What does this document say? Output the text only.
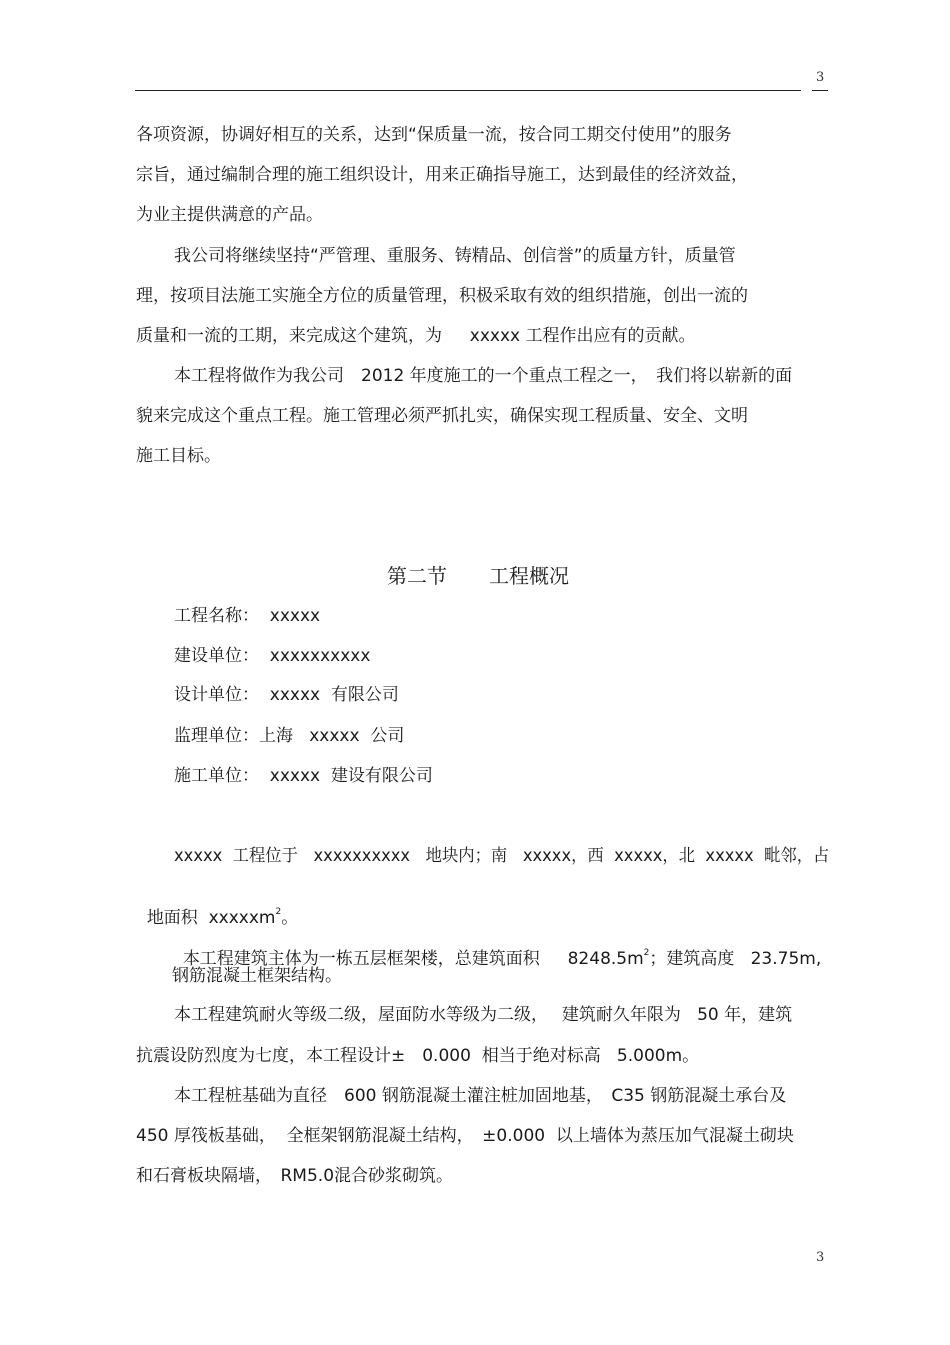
3
各项资源，协调好相互的关系，达到“保质量一流，按合同工期交付使用”的服务
宗旨，通过编制合理的施工组织设计，用来正确指导施工，达到最佳的经济效益，
为业主提供满意的产品。
我公司将继续坚持“严管理、重服务、铸精品、创信誉”的质量方针，质量管
理，按项目法施工实施全方位的质量管理，积极采取有效的组织措施，创出一流的
质量和一流的工期，来完成这个建筑，为　  xxxxx 工程作出应有的贡献。
本工程将做作为我公司　2012 年度施工的一个重点工程之一，　我们将以崭新的面
貌来完成这个重点工程。施工管理必须严抓扎实，确保实现工程质量、安全、文明
施工目标。
第二节 工程概况
工程名称：  xxxxx
建设单位：  xxxxxxxxxx
设计单位：  xxxxx  有限公司
监理单位：上海   xxxxx  公司
施工单位：  xxxxx  建设有限公司
xxxxx  工程位于   xxxxxxxxxx   地块内；南   xxxxx，西  xxxxx，北  xxxxx  毗邻，占

地面积  xxxxxm$^2$。

本工程建筑主体为一栋五层框架楼，总建筑面积　  $8248.5m^2$；建筑高度   23.75m,

钢筋混凝土框架结构。
本工程建筑耐火等级二级，屋面防水等级为二级，　 建筑耐久年限为   50 年，建筑
抗震设防烈度为七度，本工程设计±　0.000  相当于绝对标高   5.000m。
本工程桩基础为直径　600 钢筋混凝土灌注桩加固地基，　C35 钢筋混凝土承台及
450 厚筏板基础，  全框架钢筋混凝土结构，　±0.000  以上墙体为蒸压加气混凝土砌块
和石膏板块隔墙，　RM5.0混合砂浆砌筑。
3
